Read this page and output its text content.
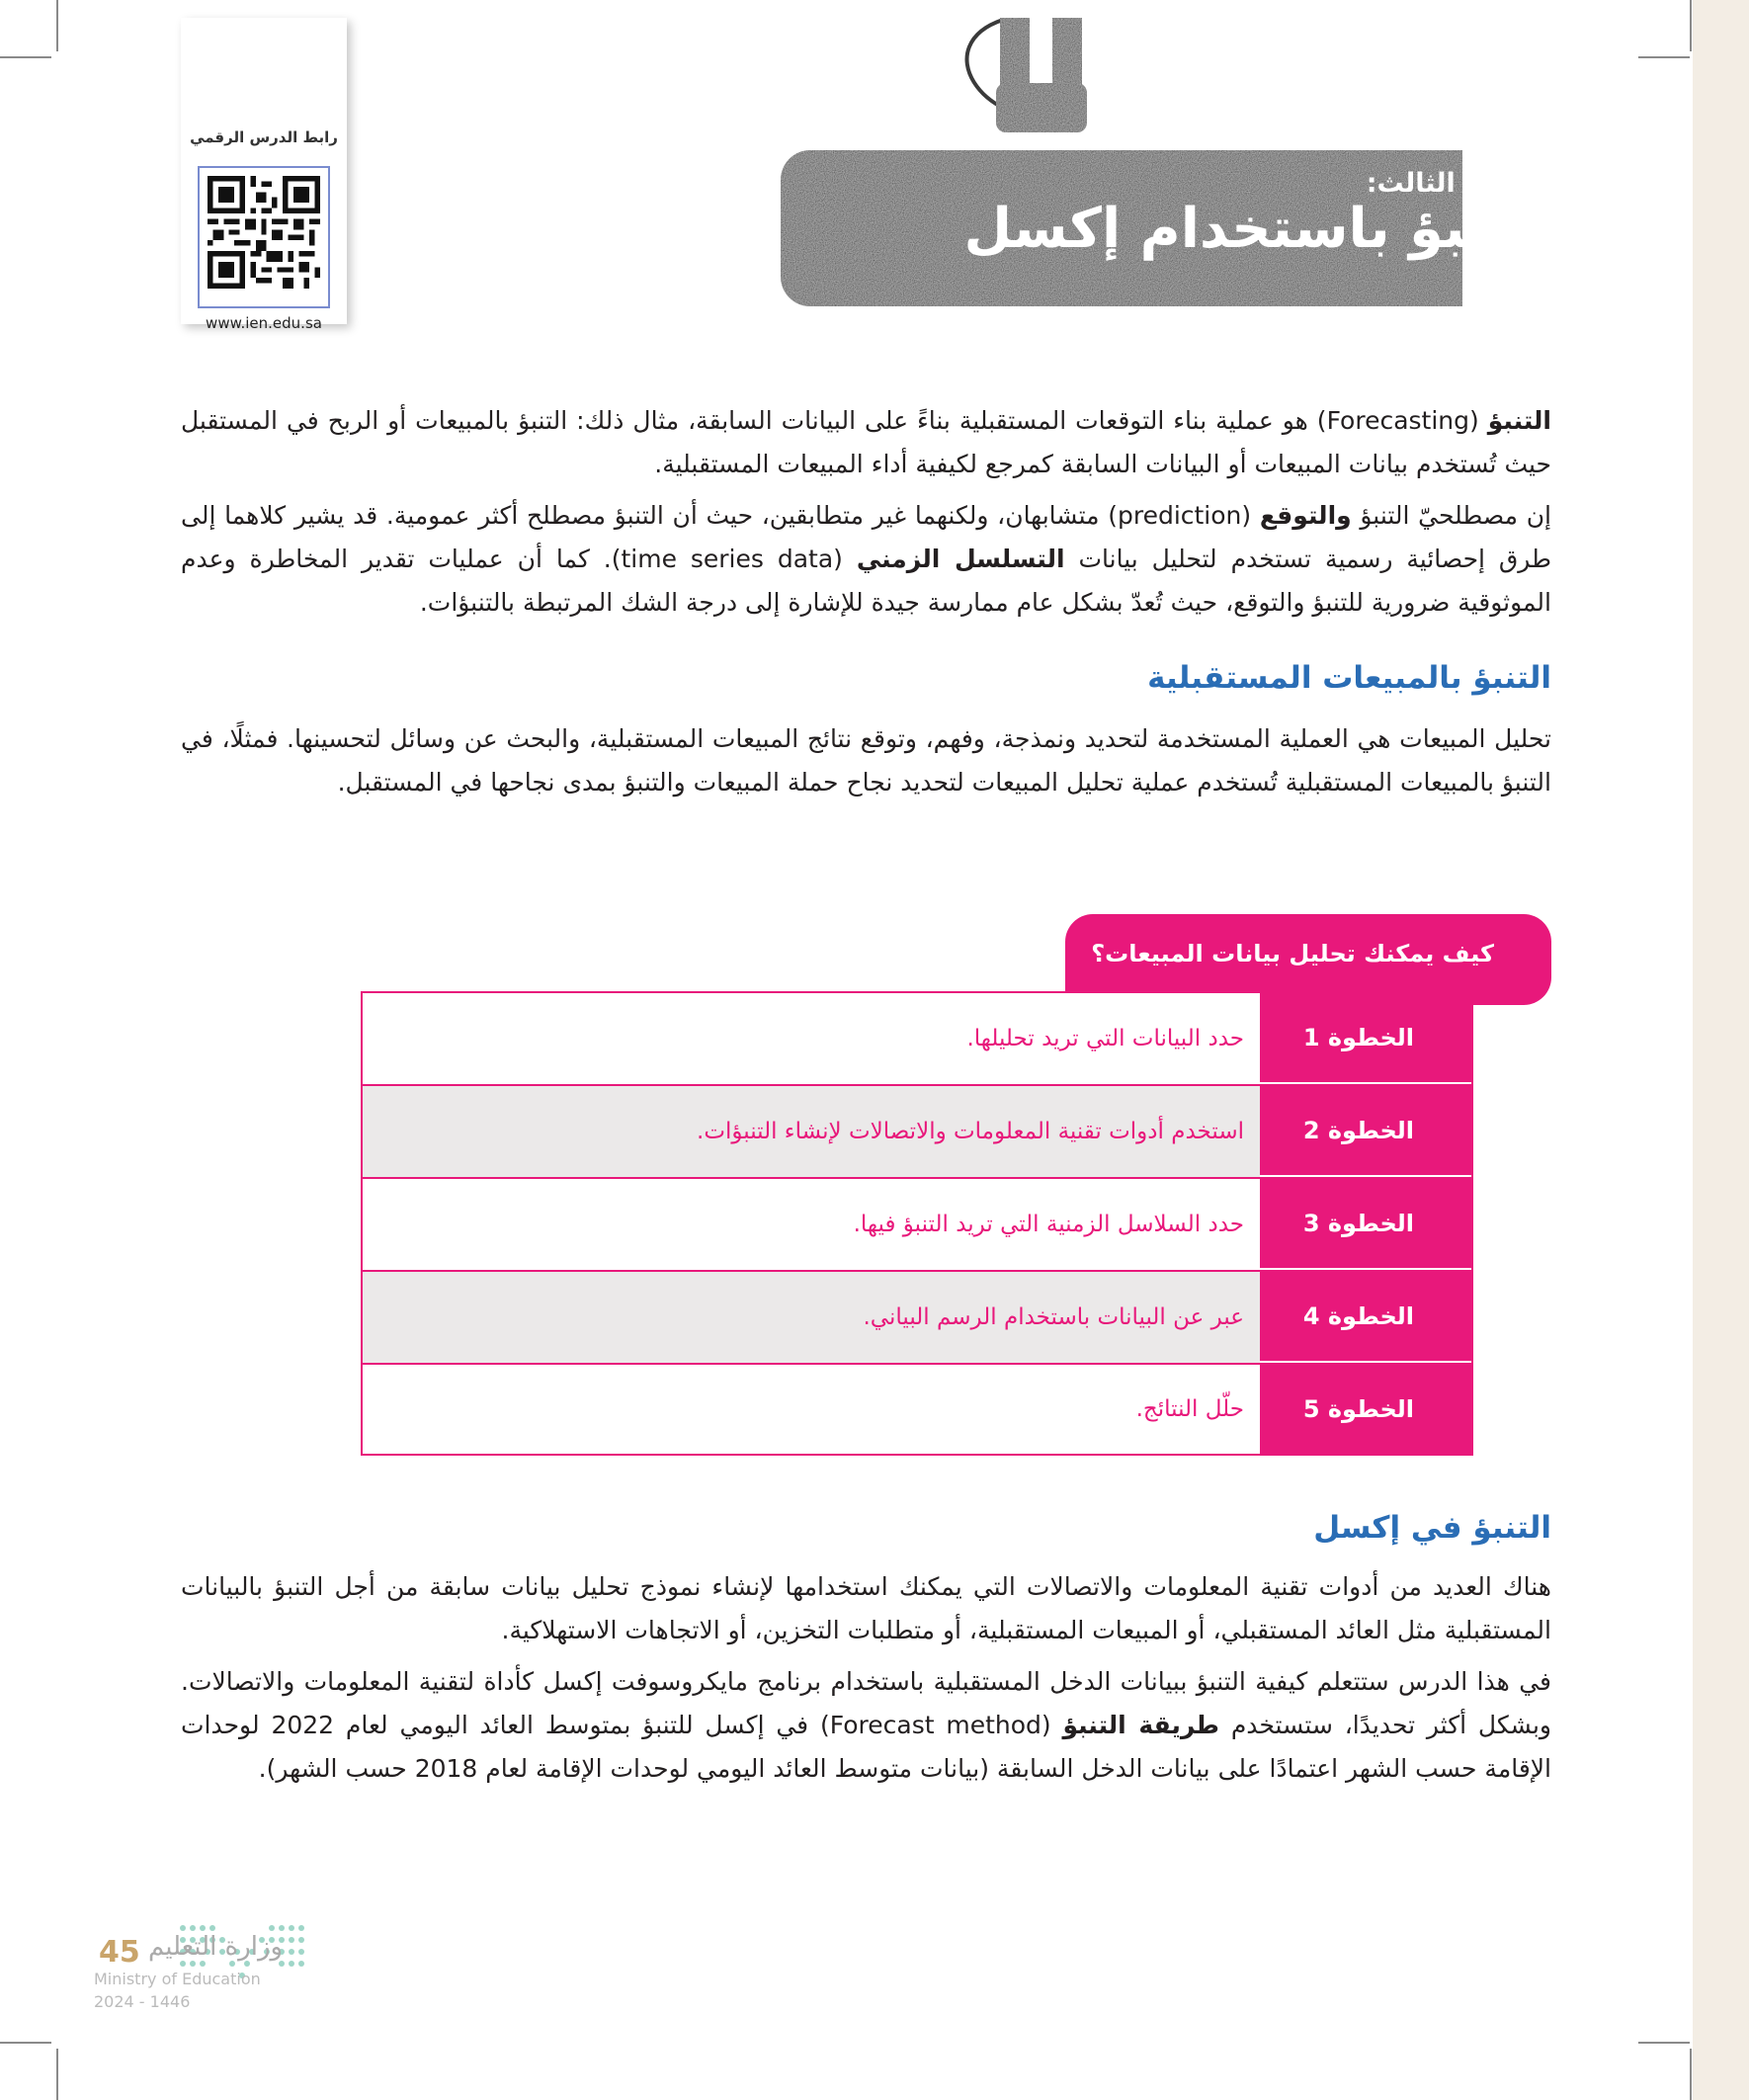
رابط الدرس الرقمي
www.ien.edu.sa
الدرس الثالث:
التنبؤ باستخدام إكسل
التنبؤ (Forecasting) هو عملية بناء التوقعات المستقبلية بناءً على البيانات السابقة، مثال ذلك: التنبؤ بالمبيعات أو الربح في المستقبل حيث تُستخدم بيانات المبيعات أو البيانات السابقة كمرجع لكيفية أداء المبيعات المستقبلية.
إن مصطلحيّ التنبؤ والتوقع (prediction) متشابهان، ولكنهما غير متطابقين، حيث أن التنبؤ مصطلح أكثر عمومية. قد يشير كلاهما إلى طرق إحصائية رسمية تستخدم لتحليل بيانات التسلسل الزمني (time series data). كما أن عمليات تقدير المخاطرة وعدم الموثوقية ضرورية للتنبؤ والتوقع، حيث تُعدّ بشكل عام ممارسة جيدة للإشارة إلى درجة الشك المرتبطة بالتنبؤات.
التنبؤ بالمبيعات المستقبلية
تحليل المبيعات هي العملية المستخدمة لتحديد ونمذجة، وفهم، وتوقع نتائج المبيعات المستقبلية، والبحث عن وسائل لتحسينها. فمثلًا، في التنبؤ بالمبيعات المستقبلية تُستخدم عملية تحليل المبيعات لتحديد نجاح حملة المبيعات والتنبؤ بمدى نجاحها في المستقبل.
كيف يمكنك تحليل بيانات المبيعات؟
الخطوة 1
حدد البيانات التي تريد تحليلها.
الخطوة 2
استخدم أدوات تقنية المعلومات والاتصالات لإنشاء التنبؤات.
الخطوة 3
حدد السلاسل الزمنية التي تريد التنبؤ فيها.
الخطوة 4
عبر عن البيانات باستخدام الرسم البياني.
الخطوة 5
حلّل النتائج.
التنبؤ في إكسل
هناك العديد من أدوات تقنية المعلومات والاتصالات التي يمكنك استخدامها لإنشاء نموذج تحليل بيانات سابقة من أجل التنبؤ بالبيانات المستقبلية مثل العائد المستقبلي، أو المبيعات المستقبلية، أو متطلبات التخزين، أو الاتجاهات الاستهلاكية.
في هذا الدرس ستتعلم كيفية التنبؤ ببيانات الدخل المستقبلية باستخدام برنامج مايكروسوفت إكسل كأداة لتقنية المعلومات والاتصالات. وبشكل أكثر تحديدًا، ستستخدم طريقة التنبؤ (Forecast method) في إكسل للتنبؤ بمتوسط العائد اليومي لعام 2022 لوحدات الإقامة حسب الشهر اعتمادًا على بيانات الدخل السابقة (بيانات متوسط العائد اليومي لوحدات الإقامة لعام 2018 حسب الشهر).
وزارة التعليم
45
Ministry of Education
2024 - 1446
